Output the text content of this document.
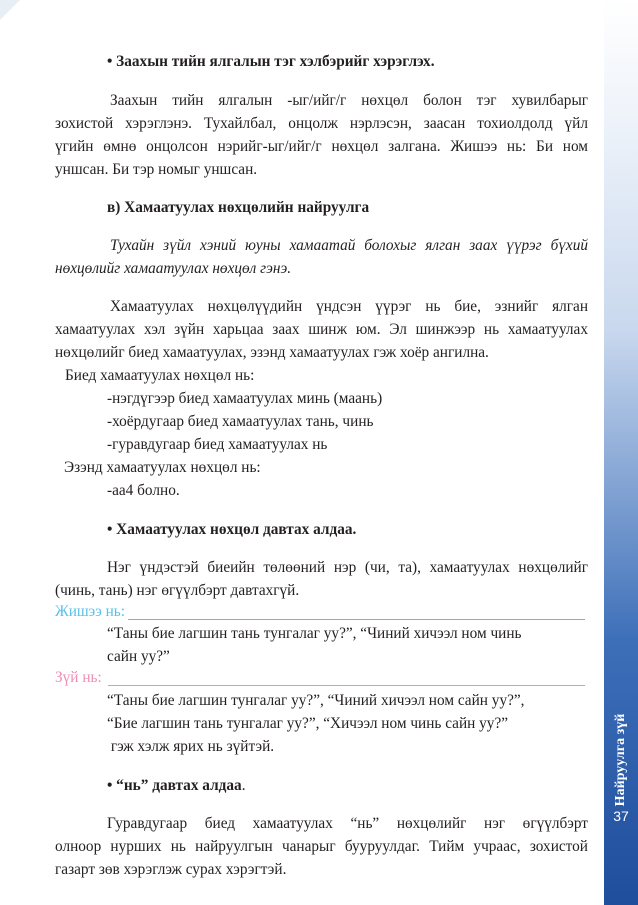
• Заахын тийн ялгалын тэг хэлбэрийг хэрэглэх.
Заахын тийн ялгалын -ыг/ийг/г нөхцөл болон тэг хувилбарыг
зохистой хэрэглэнэ. Тухайлбал, онцолж нэрлэсэн, заасан тохиолдолд үйл
үгийн өмнө онцолсон нэрийг-ыг/ийг/г нөхцөл залгана. Жишээ нь: Би ном
уншсан. Би тэр номыг уншсан.
в) Хамаатуулах нөхцөлийн найруулга
Тухайн зүйл хэний юуны хамаатай болохыг ялган заах үүрэг бүхий
нөхцөлийг хамаатуулах нөхцөл гэнэ.
Хамаатуулах нөхцөлүүдийн үндсэн үүрэг нь бие, эзнийг ялган
хамаатуулах хэл зүйн харьцаа заах шинж юм. Эл шинжээр нь хамаатуулах
нөхцөлийг биед хамаатуулах, эзэнд хамаатуулах гэж хоёр ангилна.
Биед хамаатуулах нөхцөл нь:
-нэгдүгээр биед хамаатуулах минь (маань)
-хоёрдугаар биед хамаатуулах тань, чинь
-гуравдугаар биед хамаатуулах нь
Эзэнд хамаатуулах нөхцөл нь:
-аа4 болно.
• Хамаатуулах нөхцөл давтах алдаа.
Нэг үндэстэй биеийн төлөөний нэр (чи, та), хамаатуулах нөхцөлийг
(чинь, тань) нэг өгүүлбэрт давтахгүй.
Жишээ нь:
“Таны бие лагшин тань тунгалаг уу?”, “Чиний хичээл ном чинь
сайн уу?”
Зүй нь:
“Таны бие лагшин тунгалаг уу?”, “Чиний хичээл ном сайн уу?”,
“Бие лагшин тань тунгалаг уу?”, “Хичээл ном чинь сайн уу?”
гэж хэлж ярих нь зүйтэй.
• “нь” давтах алдаа.
Гуравдугаар биед хамаатуулах “нь” нөхцөлийг нэг өгүүлбэрт
олноор нурших нь найруулгын чанарыг бууруулдаг. Тийм учраас, зохистой
газарт зөв хэрэглэж сурах хэрэгтэй.
Найруулга зүй
37
